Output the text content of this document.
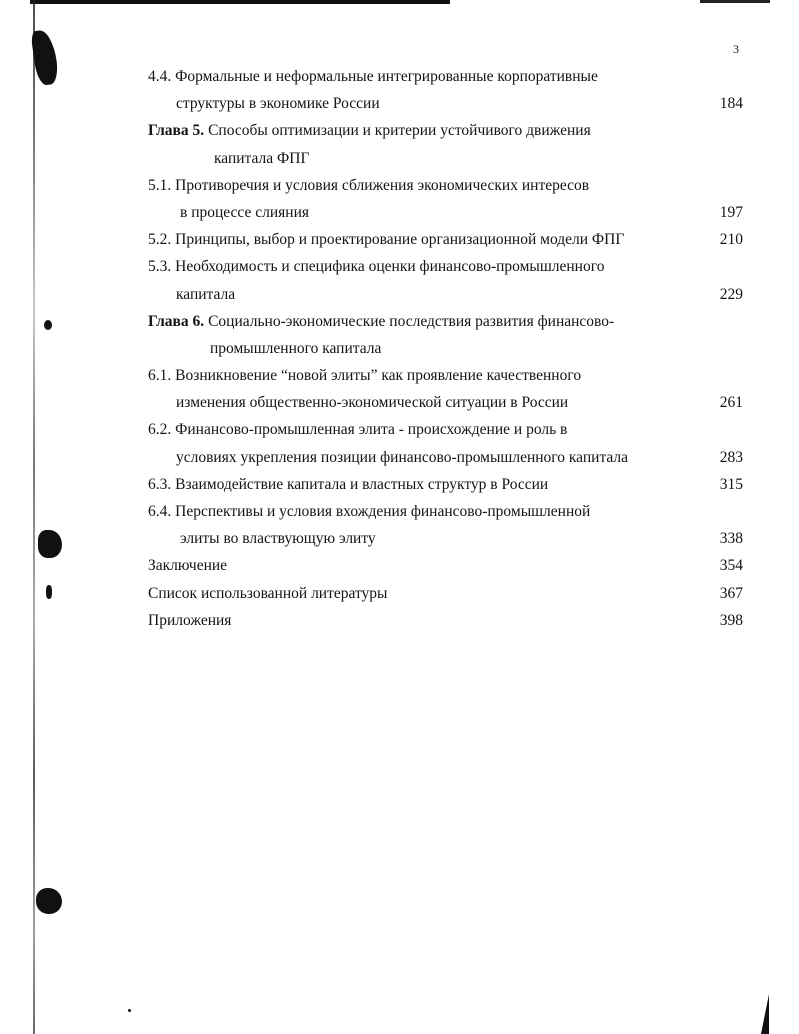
3
4.4. Формальные и неформальные интегрированные корпоративные
структуры в экономике России	184
Глава 5. Способы оптимизации и критерии устойчивого движения
капитала ФПГ
5.1. Противоречия и условия сближения экономических интересов
в процессе слияния	197
5.2. Принципы, выбор и проектирование организационной модели ФПГ	210
5.3. Необходимость и специфика оценки финансово-промышленного
капитала	229
Глава 6. Социально-экономические последствия развития финансово-
промышленного капитала
6.1. Возникновение “новой элиты” как проявление качественного
изменения общественно-экономической ситуации в России	261
6.2. Финансово-промышленная элита - происхождение и роль в
условиях укрепления позиции финансово-промышленного капитала	283
6.3. Взаимодействие капитала и властных структур в России	315
6.4. Перспективы и условия вхождения финансово-промышленной
элиты во властвующую элиту	338
Заключение	354
Список использованной литературы	367
Приложения	398
